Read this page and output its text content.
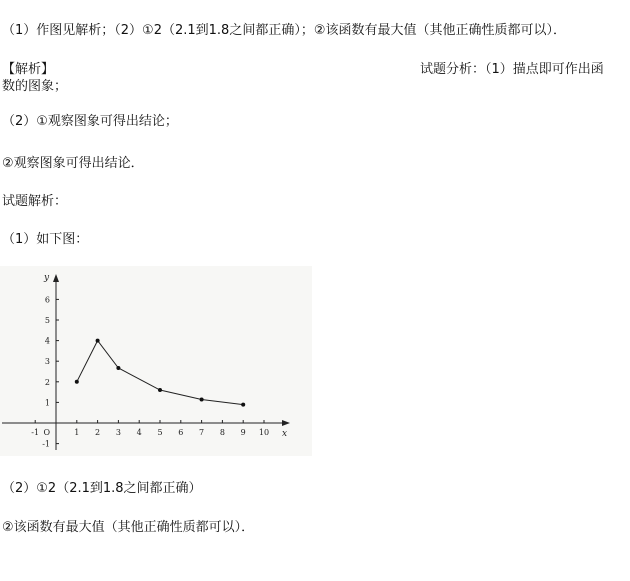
（1）作图见解析；（2）①2（2.1到1.8之间都正确）；②该函数有最大值（其他正确性质都可以）．
【解析】	试题分析：（1）描点即可作出函
数的图象；
（2）①观察图象可得出结论；
②观察图象可得出结论．
试题解析：
（1）如下图：
-1	1 2 3 4 5 6 7 8 9 10
-1
1
2
3
4
5
6
O	x
y
（2）①2（2.1到1.8之间都正确）
②该函数有最大值（其他正确性质都可以）．
